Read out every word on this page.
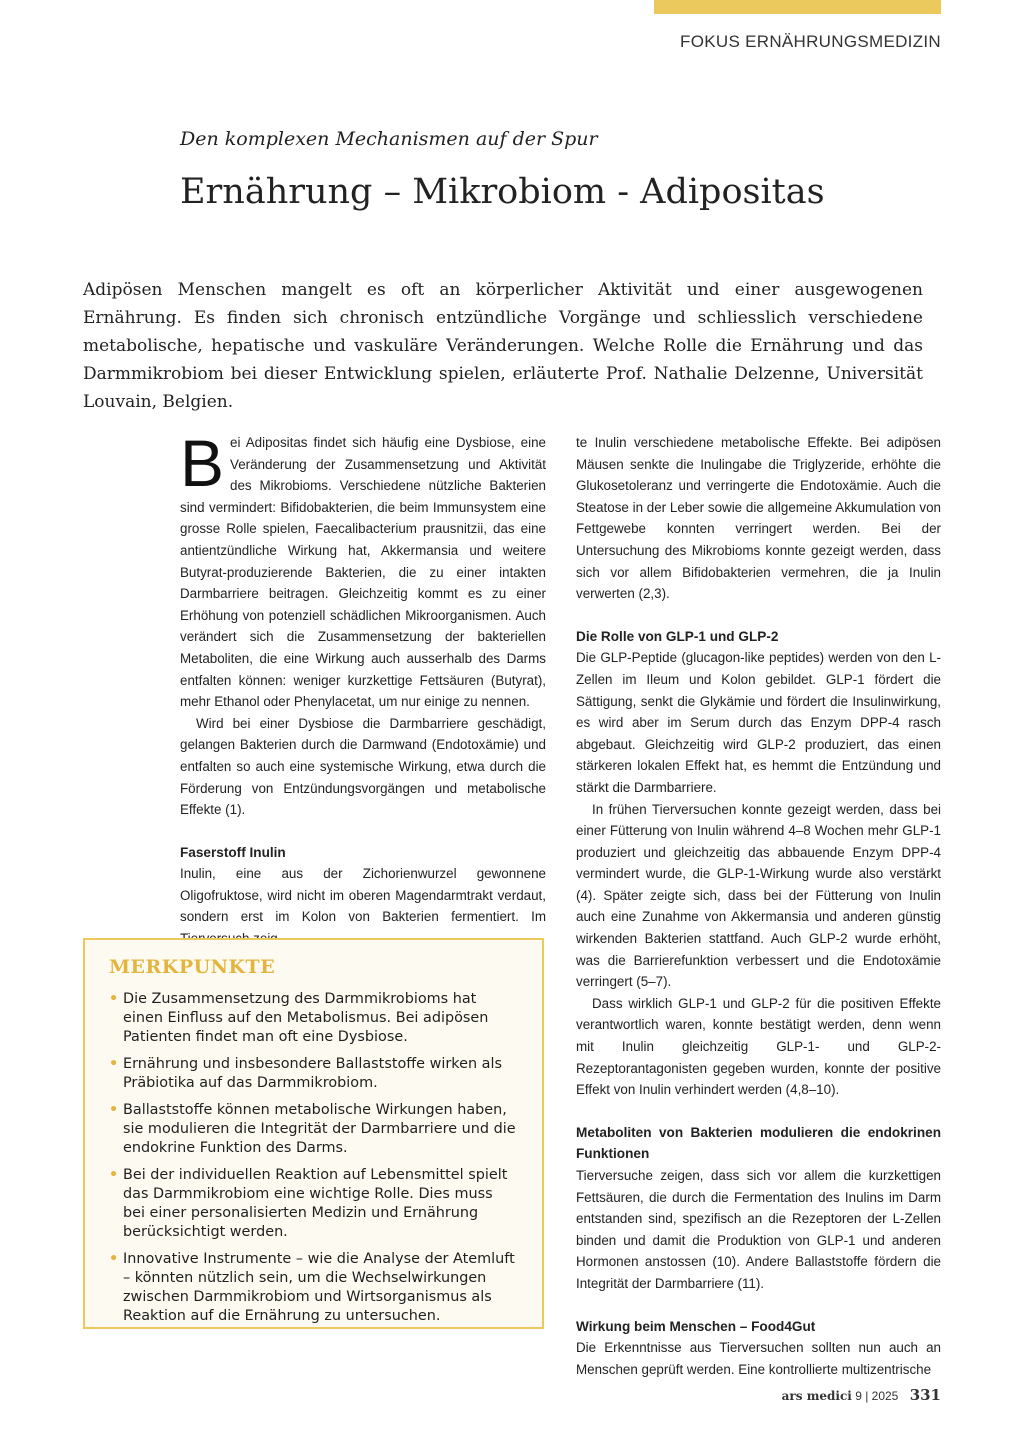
FOKUS ERNÄHRUNGSMEDIZIN
Den komplexen Mechanismen auf der Spur
Ernährung – Mikrobiom - Adipositas

Adipösen Menschen mangelt es oft an körperlicher Aktivität und einer ausgewogenen Ernährung. Es finden sich chronisch entzündliche Vorgänge und schliesslich verschiedene metabolische, hepatische und vaskuläre Veränderungen. Welche Rolle die Ernährung und das Darmmikrobiom bei dieser Entwicklung spielen, erläuterte Prof. Nathalie Delzenne, Universität Louvain, Belgien.

Bei Adipositas findet sich häufig eine Dysbiose, eine Veränderung der Zusammensetzung und Aktivität des Mikrobioms. Verschiedene nützliche Bakterien sind vermindert: Bifidobakterien, die beim Immunsystem eine grosse Rolle spielen, Faecalibacterium prausnitzii, das eine antientzündliche Wirkung hat, Akkermansia und weitere Butyrat-produzierende Bakterien, die zu einer intakten Darmbarriere beitragen. Gleichzeitig kommt es zu einer Erhöhung von potenziell schädlichen Mikroorganismen. Auch verändert sich die Zusammensetzung der bakteriellen Metaboliten, die eine Wirkung auch ausserhalb des Darms entfalten können: weniger kurzkettige Fettsäuren (Butyrat), mehr Ethanol oder Phenylacetat, um nur einige zu nennen.

Wird bei einer Dysbiose die Darmbarriere geschädigt, gelangen Bakterien durch die Darmwand (Endotoxämie) und entfalten so auch eine systemische Wirkung, etwa durch die Förderung von Entzündungsvorgängen und metabolische Effekte (1).

Faserstoff Inulin

Inulin, eine aus der Zichorienwurzel gewonnene Oligofruktose, wird nicht im oberen Magendarmtrakt verdaut, sondern erst im Kolon von Bakterien fermentiert. Im

te Inulin verschiedene metabolische Effekte. Bei adipösen Mäusen senkte die Inulingabe die Triglyzeride, erhöhte die Glukosetoleranz und verringerte die Endotoxämie. Auch die Steatose in der Leber sowie die allgemeine Akkumulation von Fettgewebe konnten verringert werden. Bei der Untersuchung des Mikrobioms konnte gezeigt werden, dass sich vor allem Bifidobakterien vermehren, die ja Inulin verwerten (2,3).

Die Rolle von GLP-1 und GLP-2

Die GLP-Peptide (glucagon-like peptides) werden von den L-Zellen im Ileum und Kolon gebildet. GLP-1 fördert die Sättigung, senkt die Glykämie und fördert die Insulinwirkung, es wird aber im Serum durch das Enzym DPP-4 rasch abgebaut. Gleichzeitig wird GLP-2 produziert, das einen stärkeren lokalen Effekt hat, es hemmt die Entzündung und stärkt die Darmbarriere.

In frühen Tierversuchen konnte gezeigt werden, dass bei einer Fütterung von Inulin während 4–8 Wochen mehr GLP-1 produziert und gleichzeitig das abbauende Enzym DPP-4 vermindert wurde, die GLP-1-Wirkung wurde also verstärkt (4). Später zeigte sich, dass bei der Fütterung von Inulin auch eine Zunahme von Akkermansia und anderen günstig wirkenden Bakterien stattfand. Auch GLP-2 wurde erhöht, was die Barrierefunktion verbessert und die Endotoxämie verringert (5–7).

Dass wirklich GLP-1 und GLP-2 für die positiven Effekte verantwortlich waren, konnte bestätigt werden, denn wenn mit Inulin gleichzeitig GLP-1- und GLP-2-Rezeptorantagonisten gegeben wurden, konnte der positive Effekt von Inulin verhindert werden (4,8–10).

Metaboliten von Bakterien modulieren die endokrinen Funktionen

Tierversuche zeigen, dass sich vor allem die kurzkettigen Fettsäuren, die durch die Fermentation des Inulins im Darm entstanden sind, spezifisch an die Rezeptoren der L-Zellen binden und damit die Produktion von GLP-1 und anderen Hormonen anstossen (10). Andere Ballaststoffe fördern die Integrität der Darmbarriere (11).

Wirkung beim Menschen – Food4Gut

Die Erkenntnisse aus Tierversuchen sollten nun auch an Menschen geprüft werden. Eine kontrollierte multizentrische

MERKPUNKTE
• Die Zusammensetzung des Darmmikrobioms hat einen Einfluss auf den Metabolismus. Bei adipösen Patienten findet man oft eine Dysbiose.
• Ernährung und insbesondere Ballaststoffe wirken als Präbiotika auf das Darmmikrobiom.
• Ballaststoffe können metabolische Wirkungen haben, sie modulieren die Integrität der Darmbarriere und die endokrine Funktion des Darms.
• Bei der individuellen Reaktion auf Lebensmittel spielt das Darmmikrobiom eine wichtige Rolle. Dies muss bei einer personalisierten Medizin und Ernährung berücksichtigt werden.
• Innovative Instrumente – wie die Analyse der Atemluft – könnten nützlich sein, um die Wechselwirkungen zwischen Darmmikrobiom und Wirtsorganismus als Reaktion auf die Ernährung zu untersuchen.
ars medici 9 | 2025 331
